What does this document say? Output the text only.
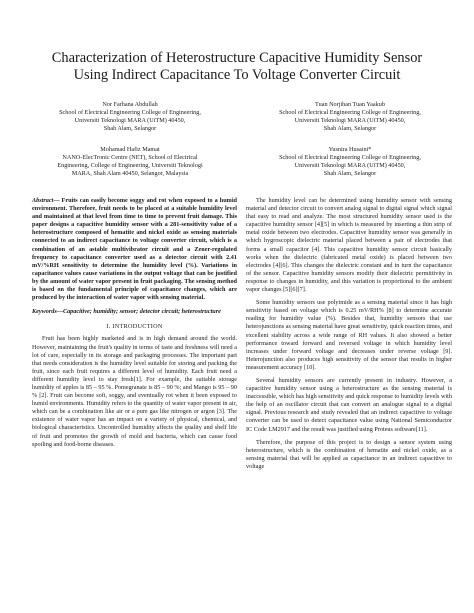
Characterization of Heterostructure Capacitive Humidity Sensor
Using Indirect Capacitance To Voltage Converter Circuit
Nor Farhana Abdullah
School of Electrical Engineering College of Engineering,
Universiti Teknologi MARA (UiTM) 40450,
Shah Alam, Selangor
Tuan Norjihan Tuan Yaakub
School of Electrical Engineering College of Engineering,
Universiti Teknologi MARA (UiTM) 40450,
Shah Alam, Selangor
Mohamad Hafiz Mamat
NANO-ElecTronic Centre (NET), School of Electrical
Engineering, College of Engineering, Universiti Teknologi
MARA, Shah Alam 40450, Selangor, Malaysia
Yusnira Husaini*
School of Electrical Engineering College of Engineering,
Universiti Teknologi MARA (UiTM) 40450,
Shah Alam, Selangor

Abstract— Fruits can easily become soggy and rot when exposed to a humid environment. Therefore, fruit needs to be placed at a suitable humidity level and maintained at that level from time to time to prevent fruit damage. This paper designs a capacitive humidity sensor with a 281-sensitivity value of a heterostructure composed of hematite and nickel oxide as sensing materials connected to an indirect capacitance to voltage converter circuit, which is a combination of an astable multivibrator circuit and a Zener-regulated frequency to capacitance converter used as a detector circuit with 2.41 mV/%RH sensitivity to determine the humidity level (%). Variations in capacitance values cause variations in the output voltage that can be justified by the amount of water vapor present in fruit packaging. The sensing method is based on the fundamental principle of capacitance changes, which are produced by the interaction of water vapor with sensing material.

Keywords—Capacitive; humidity; sensor; detector circuit; heterostructure

I. INTRODUCTION

Fruit has been highly marketed and is in high demand around the world. However, maintaining the fruit's quality in terms of taste and freshness will need a lot of care, especially in its storage and packaging processes. The important part that needs consideration is the humidity level suitable for storing and packing the fruit, since each fruit requires a different level of humidity. Each fruit need a different humidity level to stay fresh[1]. For example, the suitable storage humidity of apples is 85 – 95 %. Pomegranate is 85 – 90 %; and Mango is 95 – 90 % [2]. Fruit can become soft, soggy, and eventually rot when it been exposed to humid environments. Humidity refers to the quantity of water vapor present in air, which can be a combination like air or a pure gas like nitrogen or argon [3]. The existence of water vapor has an impact on a variety of physical, chemical, and biological characteristics. Uncontrolled humidity affects the quality and shelf life of fruit and promotes the growth of mold and bacteria, which can cause food spoiling and food-borne diseases.

The humidity level can be determined using humidity sensor with sensing material and detector circuit to convert analog signal to digital signal which signal that easy to read and analyze. The most structured humidity sensor used is the capacitive humidity sensor [4][5] in which is measured by inserting a thin strip of metal oxide between two electrodes. Capacitive humidity sensor was generally in which hygroscopic dielectric material placed between a pair of electrodes that forms a small capacitor [4]. This capacitive humidity sensor circuit basically works when the dielectric (fabricated metal oxide) is placed between two electrodes [4][6]. This changes the dielectric constant and in turn the capacitance of the sensor. Capacitive humidity sensors modify their dielectric permittivity in response to changes in humidity, and this variation is proportional to the ambient vapor changes [5][6][7].

Some humidity sensors use polyimide as a sensing material since it has high sensitivity based on voltage which is 0.25 mV/RH% [8] to determine accurate reading for humidity value (%). Besides that, humidity sensors that use heterojunctions as sensing material have great sensitivity, quick reaction times, and excellent stability across a wide range of RH values. It also showed a better performance toward forward and reversed voltage in which humidity level increases under forward voltage and decreases under reverse voltage [9]. Heterojunction also produces high sensitivity of the sensor that results in higher measurement accuracy [10].

Several humidity sensors are currently present in industry. However, a capacitive humidity sensor using a heterostructure as the sensing material is inaccessible, which has high sensitivity and quick response to humidity levels with the help of an oscillator circuit that can convert an analogue signal to a digital signal. Previous research and study revealed that an indirect capacitive to voltage converter can be used to detect capacitance value using National Semiconductor IC Code LM2917 and the result was justified using Proteus software[11].

Therefore, the purpose of this project is to design a sensor system using heterostructure, which is the combination of hematite and nickel oxide, as a sensing material that will be applied as capacitance in an indirect capacitive to voltage
